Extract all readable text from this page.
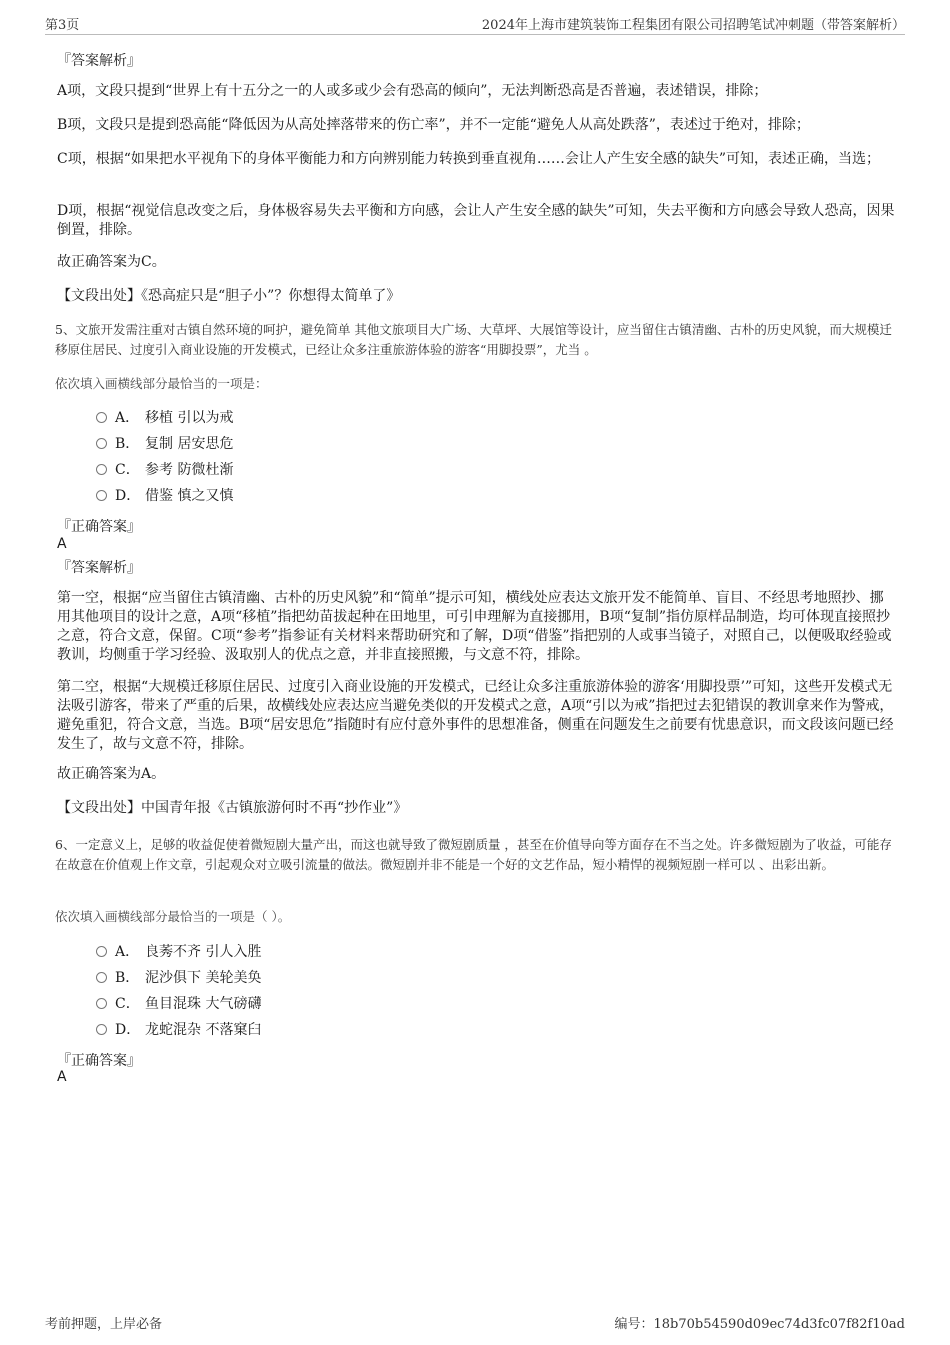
第3页	2024年上海市建筑装饰工程集团有限公司招聘笔试冲刺题（带答案解析）
『答案解析』
A项，文段只提到“世界上有十五分之一的人或多或少会有恐高的倾向”，无法判断恐高是否普遍，表述错误，排除；
B项，文段只是提到恐高能“降低因为从高处摔落带来的伤亡率”，并不一定能“避免人从高处跌落”，表述过于绝对，排除；
C项，根据“如果把水平视角下的身体平衡能力和方向辨别能力转换到垂直视角……会让人产生安全感的缺失”可知，表述正确，当选；
D项，根据“视觉信息改变之后，身体极容易失去平衡和方向感，会让人产生安全感的缺失”可知，失去平衡和方向感会导致人恐高，因果倒置，排除。
故正确答案为C。
【文段出处】《恐高症只是“胆子小”？你想得太简单了》
5、文旅开发需注重对古镇自然环境的呵护，避免简单 其他文旅项目大广场、大草坪、大展馆等设计，应当留住古镇清幽、古朴的历史风貌，而大规模迁移原住居民、过度引入商业设施的开发模式，已经让众多注重旅游体验的游客“用脚投票”，尤当 。
依次填入画横线部分最恰当的一项是：
A． 移植 引以为戒
B． 复制 居安思危
C． 参考 防微杜渐
D． 借鉴 慎之又慎
『正确答案』
A
『答案解析』
第一空，根据“应当留住古镇清幽、古朴的历史风貌”和“简单”提示可知，横线处应表达文旅开发不能简单、盲目、不经思考地照抄、挪用其他项目的设计之意，A项“移植”指把幼苗拔起种在田地里，可引申理解为直接挪用，B项“复制”指仿原样品制造，均可体现直接照抄之意，符合文意，保留。C项“参考”指参证有关材料来帮助研究和了解，D项“借鉴”指把别的人或事当镜子，对照自己，以便吸取经验或教训，均侧重于学习经验、汲取别人的优点之意，并非直接照搬，与文意不符，排除。
第二空，根据“大规模迁移原住居民、过度引入商业设施的开发模式，已经让众多注重旅游体验的游客‘用脚投票’”可知，这些开发模式无法吸引游客，带来了严重的后果，故横线处应表达应当避免类似的开发模式之意，A项“引以为戒”指把过去犯错误的教训拿来作为警戒，避免重犯，符合文意，当选。B项“居安思危”指随时有应付意外事件的思想准备，侧重在问题发生之前要有忧患意识，而文段该问题已经发生了，故与文意不符，排除。
故正确答案为A。
【文段出处】中国青年报《古镇旅游何时不再“抄作业”》
6、一定意义上，足够的收益促使着微短剧大量产出，而这也就导致了微短剧质量 ，甚至在价值导向等方面存在不当之处。许多微短剧为了收益，可能存在故意在价值观上作文章，引起观众对立吸引流量的做法。微短剧并非不能是一个好的文艺作品，短小精悍的视频短剧一样可以 、出彩出新。
依次填入画横线部分最恰当的一项是（ ）。
A． 良莠不齐 引人入胜
B． 泥沙俱下 美轮美奂
C． 鱼目混珠 大气磅礴
D． 龙蛇混杂 不落窠臼
『正确答案』
A
考前押题，上岸必备	编号：18b70b54590d09ec74d3fc07f82f10ad
